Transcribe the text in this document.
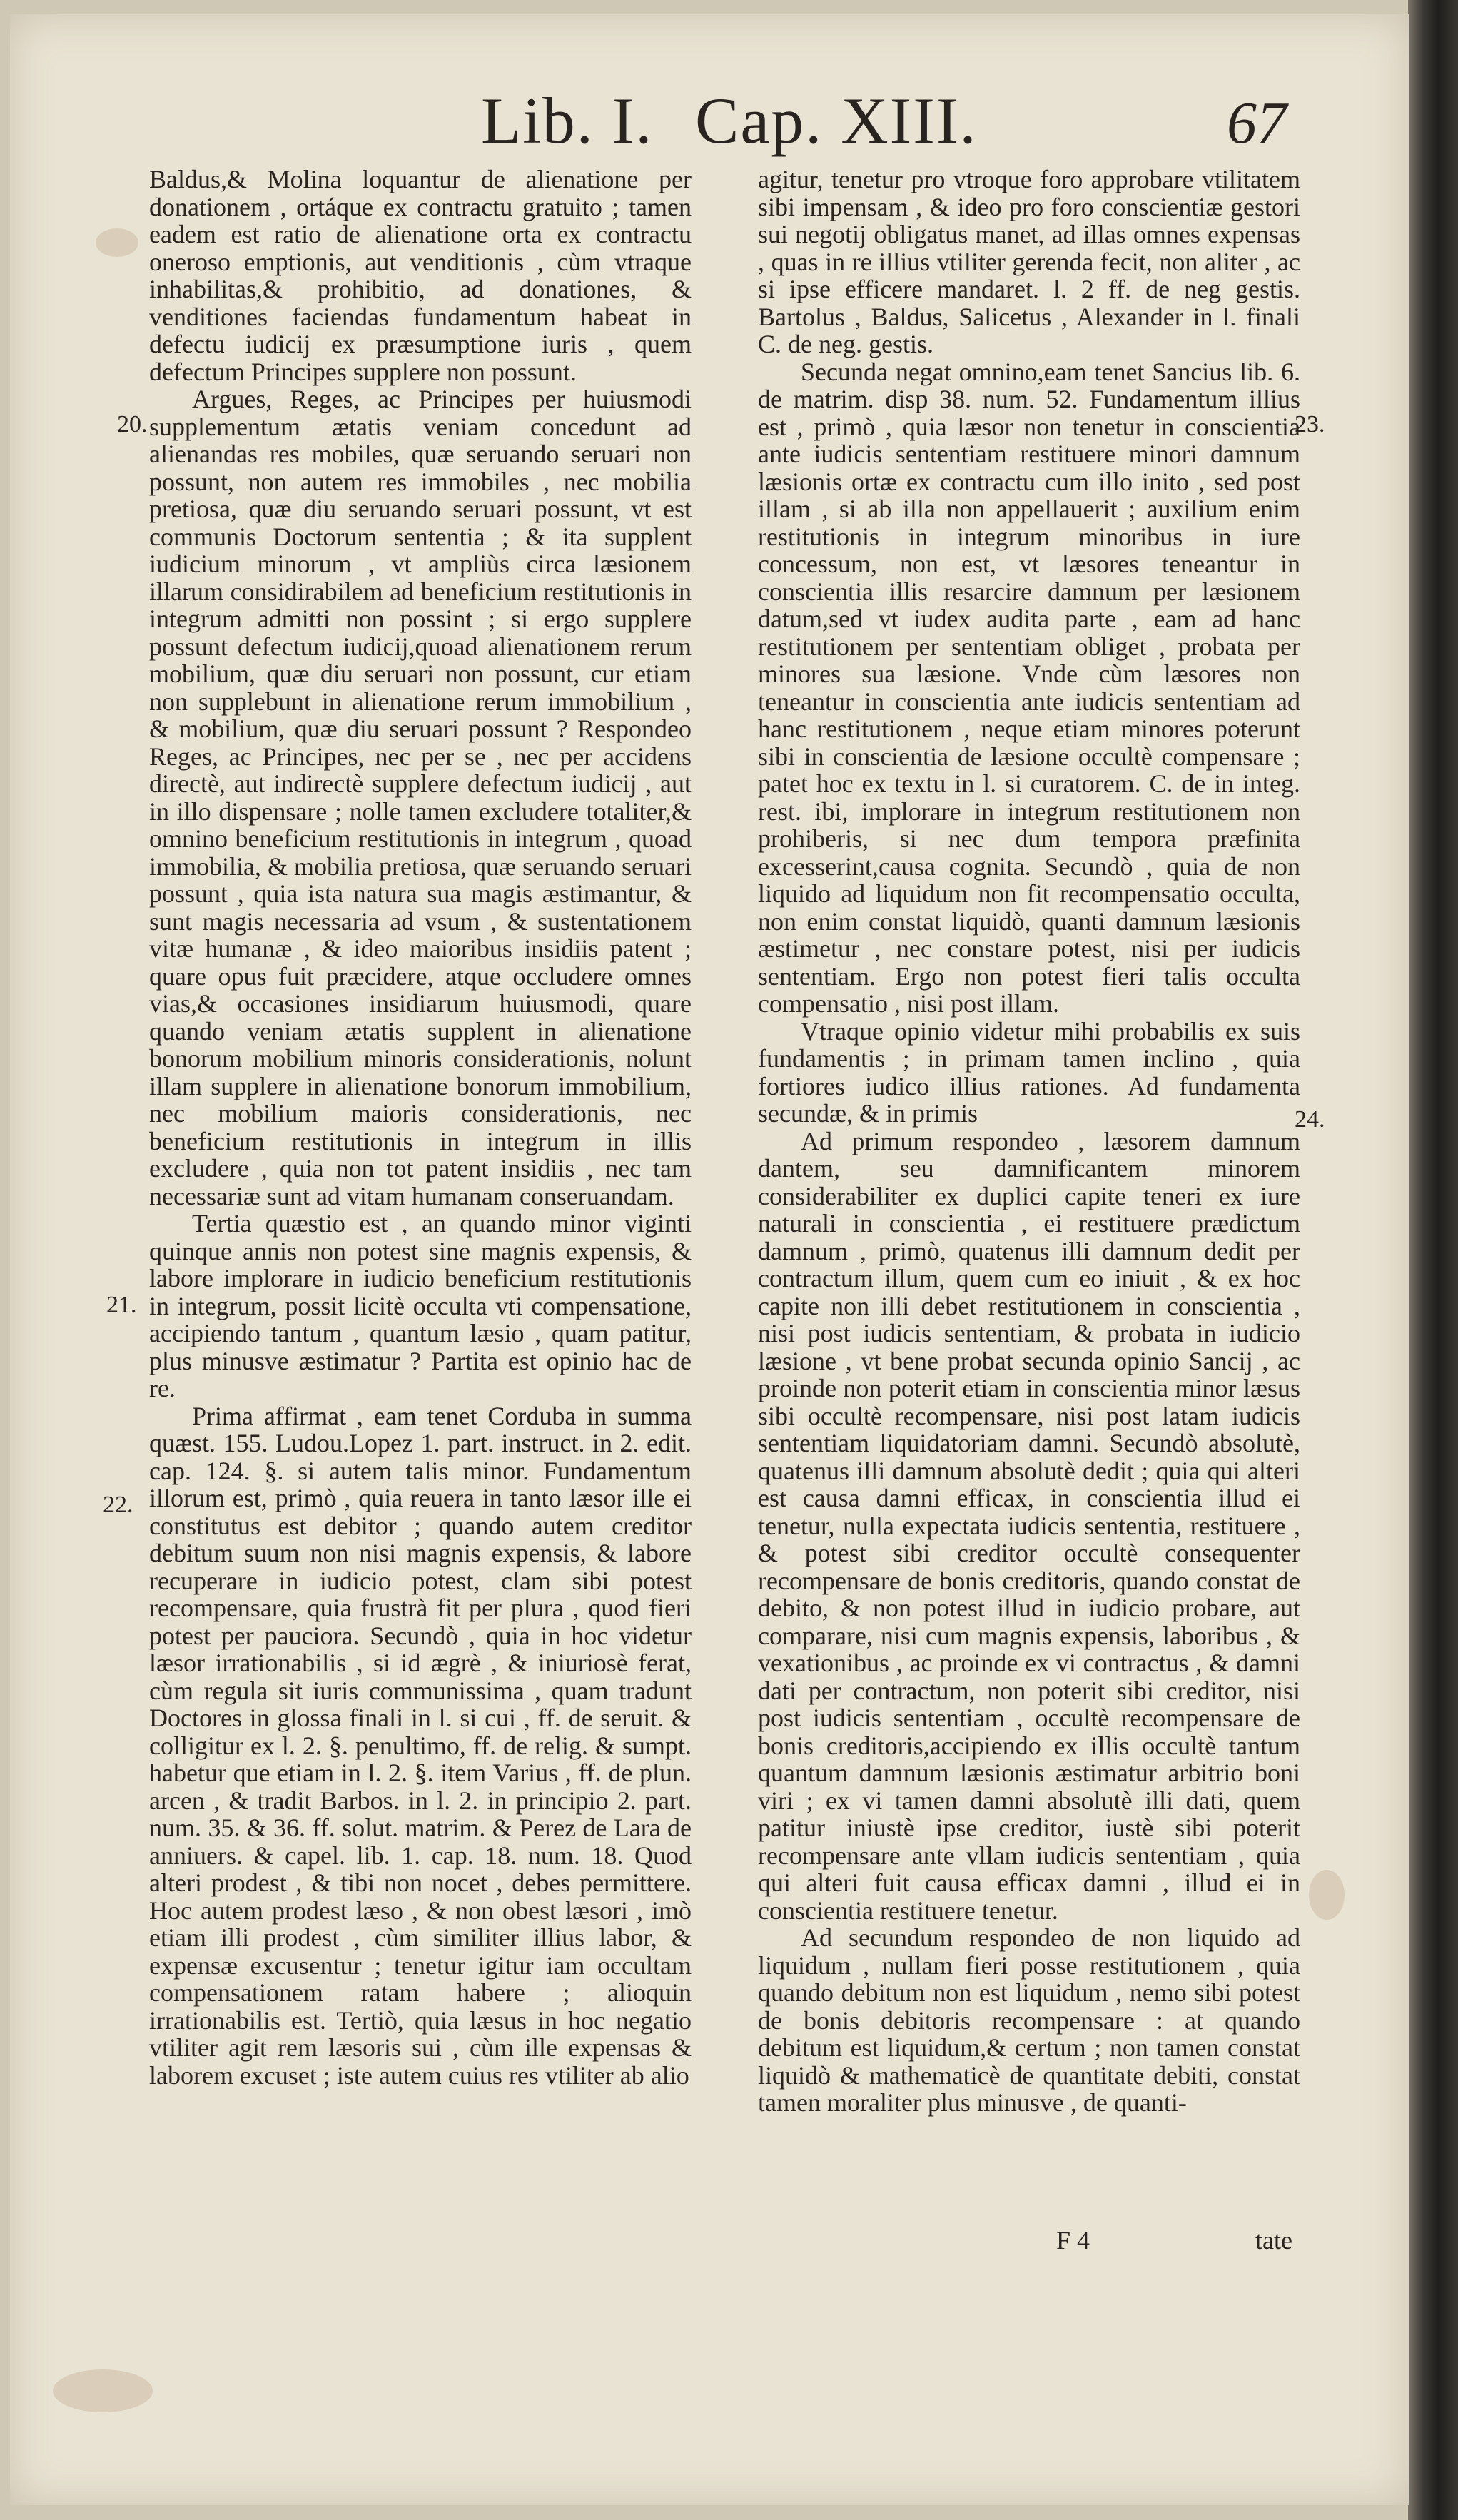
Lib. I. Cap. XIII.	67
20.
21.
22.
23.
24.

Baldus,& Molina loquantur de alienatione per donationem , ortáque ex contractu gratuito ; tamen eadem est ratio de alienatione orta ex contractu oneroso emptionis, aut venditionis , cùm vtraque inhabilitas,& prohibitio, ad donationes, & venditiones faciendas fundamentum habeat in defectu iudicij ex præsumptione iuris , quem defectum Principes supplere non possunt.

Argues, Reges, ac Principes per huiusmodi supplementum ætatis veniam concedunt ad alienandas res mobiles, quæ seruando seruari non possunt, non autem res immobiles , nec mobilia pretiosa, quæ diu seruando seruari possunt, vt est communis Doctorum sententia ; & ita supplent iudicium minorum , vt ampliùs circa læsionem illarum considirabilem ad beneficium restitutionis in integrum admitti non possint ; si ergo supplere possunt defectum iudicij,quoad alienationem rerum mobilium, quæ diu seruari non possunt, cur etiam non supplebunt in alienatione rerum immobilium , & mobilium, quæ diu seruari possunt ? Respondeo Reges, ac Principes, nec per se , nec per accidens directè, aut indirectè supplere defectum iudicij , aut in illo dispensare ; nolle tamen excludere totaliter,& omnino beneficium restitutionis in integrum , quoad immobilia, & mobilia pretiosa, quæ seruando seruari possunt , quia ista natura sua magis æstimantur, & sunt magis necessaria ad vsum , & sustentationem vitæ humanæ , & ideo maioribus insidiis patent ; quare opus fuit præcidere, atque occludere omnes vias,& occasiones insidiarum huiusmodi, quare quando veniam ætatis supplent in alienatione bonorum mobilium minoris considerationis, nolunt illam supplere in alienatione bonorum immobilium, nec mobilium maioris considerationis, nec beneficium restitutionis in integrum in illis excludere , quia non tot patent insidiis , nec tam necessariæ sunt ad vitam humanam conseruandam.

Tertia quæstio est , an quando minor viginti quinque annis non potest sine magnis expensis, & labore implorare in iudicio beneficium restitutionis in integrum, possit licitè occulta vti compensatione, accipiendo tantum , quantum læsio , quam patitur, plus minusve æstimatur ? Partita est opinio hac de re.

Prima affirmat , eam tenet Corduba in summa quæst. 155. Ludou.Lopez 1. part. instruct. in 2. edit. cap. 124. §. si autem talis minor. Fundamentum illorum est, primò , quia reuera in tanto læsor ille ei constitutus est debitor ; quando autem creditor debitum suum non nisi magnis expensis, & labore recuperare in iudicio potest, clam sibi potest recompensare, quia frustrà fit per plura , quod fieri potest per pauciora. Secundò , quia in hoc videtur læsor irrationabilis , si id ægrè , & iniuriosè ferat, cùm regula sit iuris communissima , quam tradunt Doctores in glossa finali in l. si cui , ff. de seruit. & colligitur ex l. 2. §. penultimo, ff. de relig. & sumpt. habetur que etiam in l. 2. §. item Varius , ff. de plun. arcen , & tradit Barbos. in l. 2. in principio 2. part. num. 35. & 36. ff. solut. matrim. & Perez de Lara de anniuers. & capel. lib. 1. cap. 18. num. 18. Quod alteri prodest , & tibi non nocet , debes permittere. Hoc autem prodest læso , & non obest læsori , imò etiam illi prodest , cùm similiter illius labor, & expensæ excusentur ; tenetur igitur iam occultam compensationem ratam habere ; alioquin irrationabilis est. Tertiò, quia læsus in hoc negatio vtiliter agit rem læsoris sui , cùm ille expensas & laborem excuset ; iste autem cuius res vtiliter ab alio

agitur, tenetur pro vtroque foro approbare vtilitatem sibi impensam , & ideo pro foro conscientiæ gestori sui negotij obligatus manet, ad illas omnes expensas , quas in re illius vtiliter gerenda fecit, non aliter , ac si ipse efficere mandaret. l. 2 ff. de neg gestis. Bartolus , Baldus, Salicetus , Alexander in l. finali C. de neg. gestis.

Secunda negat omnino,eam tenet Sancius lib. 6. de matrim. disp 38. num. 52. Fundamentum illius est , primò , quia læsor non tenetur in conscientia ante iudicis sententiam restituere minori damnum læsionis ortæ ex contractu cum illo inito , sed post illam , si ab illa non appellauerit ; auxilium enim restitutionis in integrum minoribus in iure concessum, non est, vt læsores teneantur in conscientia illis resarcire damnum per læsionem datum,sed vt iudex audita parte , eam ad hanc restitutionem per sententiam obliget , probata per minores sua læsione. Vnde cùm læsores non teneantur in conscientia ante iudicis sententiam ad hanc restitutionem , neque etiam minores poterunt sibi in conscientia de læsione occultè compensare ; patet hoc ex textu in l. si curatorem. C. de in integ. rest. ibi, implorare in integrum restitutionem non prohiberis, si nec dum tempora præfinita excesserint,causa cognita. Secundò , quia de non liquido ad liquidum non fit recompensatio occulta, non enim constat liquidò, quanti damnum læsionis æstimetur , nec constare potest, nisi per iudicis sententiam. Ergo non potest fieri talis occulta compensatio , nisi post illam.

Vtraque opinio videtur mihi probabilis ex suis fundamentis ; in primam tamen inclino , quia fortiores iudico illius rationes. Ad fundamenta secundæ, & in primis

Ad primum respondeo , læsorem damnum dantem, seu damnificantem minorem considerabiliter ex duplici capite teneri ex iure naturali in conscientia , ei restituere prædictum damnum , primò, quatenus illi damnum dedit per contractum illum, quem cum eo iniuit , & ex hoc capite non illi debet restitutionem in conscientia , nisi post iudicis sententiam, & probata in iudicio læsione , vt bene probat secunda opinio Sancij , ac proinde non poterit etiam in conscientia minor læsus sibi occultè recompensare, nisi post latam iudicis sententiam liquidatoriam damni. Secundò absolutè, quatenus illi damnum absolutè dedit ; quia qui alteri est causa damni efficax, in conscientia illud ei tenetur, nulla expectata iudicis sententia, restituere , & potest sibi creditor occultè consequenter recompensare de bonis creditoris, quando constat de debito, & non potest illud in iudicio probare, aut comparare, nisi cum magnis expensis, laboribus , & vexationibus , ac proinde ex vi contractus , & damni dati per contractum, non poterit sibi creditor, nisi post iudicis sententiam , occultè recompensare de bonis creditoris,accipiendo ex illis occultè tantum quantum damnum læsionis æstimatur arbitrio boni viri ; ex vi tamen damni absolutè illi dati, quem patitur iniustè ipse creditor, iustè sibi poterit recompensare ante vllam iudicis sententiam , quia qui alteri fuit causa efficax damni , illud ei in conscientia restituere tenetur.

Ad secundum respondeo de non liquido ad liquidum , nullam fieri posse restitutionem , quia quando debitum non est liquidum , nemo sibi potest de bonis debitoris recompensare : at quando debitum est liquidum,& certum ; non tamen constat liquidò & mathematicè de quantitate debiti, constat tamen moraliter plus minusve , de quanti-

F 4	tate
